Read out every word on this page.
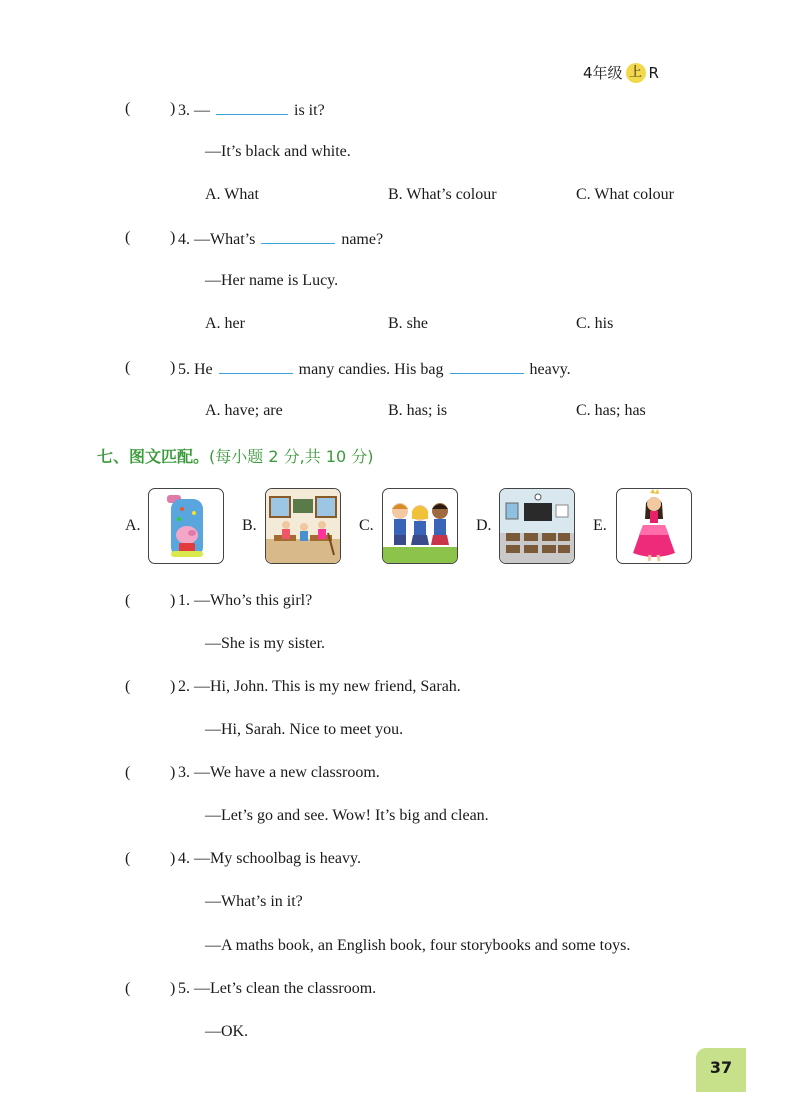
4年级 上 R
( ) 3. —	is it?
—It’s black and white.
A. What	B. What’s colour	C. What colour
( ) 4. —What’s	name?
—Her name is Lucy.
A. her	B. she	C. his
( ) 5. He	many candies. His bag	heavy.
A. have; are	B. has; is	C. has; has
七、图文匹配。(每小题 2 分,共 10 分)
A.	B.	C.	D.	E.
( ) 1. —Who’s this girl?
—She is my sister.
( ) 2. —Hi, John. This is my new friend, Sarah.
—Hi, Sarah. Nice to meet you.
( ) 3. —We have a new classroom.
—Let’s go and see. Wow! It’s big and clean.
( ) 4. —My schoolbag is heavy.
—What’s in it?
—A maths book, an English book, four storybooks and some toys.
( ) 5. —Let’s clean the classroom.
—OK.
37
